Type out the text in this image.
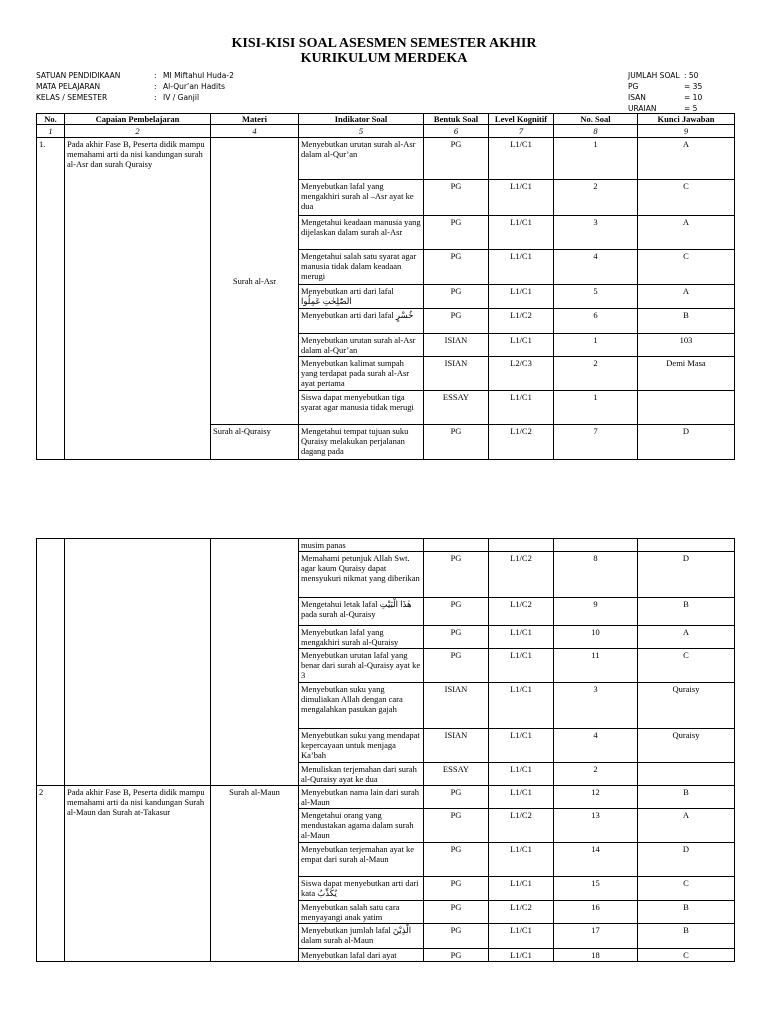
KISI-KISI SOAL ASESMEN SEMESTER AKHIR
KURIKULUM MERDEKA
SATUAN PENDIDIKAAN	: MI Miftahul Huda-2
MATA PELAJARAN	: Al-Qur’an Hadits
KELAS / SEMESTER	: IV / Ganjil
JUMLAH SOAL : 50
PG	= 35
ISAN	= 10
URAIAN	= 5
No.	Capaian Pembelajaran	Materi	Indikator Soal	Bentuk Soal	Level Kognitif	No. Soal	Kunci Jawaban
1	2	4	5	6	7	8	9
1.	Pada akhir Fase B, Peserta didik mampu memahami arti da nisi kandungan surah al-Asr dan surah Quraisy	Surah al-Asr	Menyebutkan urutan surah al-Asr dalam al-Qur’an	PG	L1/C1	1	A
			Menyebutkan lafal yang mengakhiri surah al –Asr ayat ke dua	PG	L1/C1	2	C
			Mengetahui keadaan manusia yang dijelaskan dalam surah al-Asr	PG	L1/C1	3	A
			Mengetahui salah satu syarat agar manusia tidak dalam keadaan merugi	PG	L1/C1	4	C
			Menyebutkan arti dari lafal الصّٰلِحٰتِ عَمِلُوا	PG	L1/C1	5	A
			Menyebutkan arti dari lafal خُسْرٍ	PG	L1/C2	6	B
			Menyebutkan urutan surah al-Asr dalam al-Qur’an	ISIAN	L1/C1	1	103
			Menyebutkan kalimat sumpah yang terdapat pada surah al-Asr ayat pertama	ISIAN	L2/C3	2	Demi Masa
			Siswa dapat menyebutkan tiga syarat agar manusia tidak merugi	ESSAY	L1/C1	1	
		Surah al-Quraisy	Mengetahui tempat tujuan suku Quraisy melakukan perjalanan dagang pada	PG	L1/C2	7	D
			musim panas				
			Memahami petunjuk Allah Swt. agar kaum Quraisy dapat mensyukuri nikmat yang diberikan	PG	L1/C2	8	D
			Mengetahui letak lafal هٰذَا الْبَيْتِ pada surah al-Quraisy	PG	L1/C2	9	B
			Menyebutkan lafal yang mengakhiri surah al-Quraisy	PG	L1/C1	10	A
			Menyebutkan urutan lafal yang benar dari surah al-Quraisy ayat ke 3	PG	L1/C1	11	C
			Menyebutkan suku yang dimuliakan Allah dengan cara mengalahkan pasukan gajah	ISIAN	L1/C1	3	Quraisy
			Menyebutkan suku yang mendapat kepercayaan untuk menjaga Ka’bah	ISIAN	L1/C1	4	Quraisy
			Menuliskan terjemahan dari surah al-Quraisy ayat ke dua	ESSAY	L1/C1	2	
2	Pada akhir Fase B, Peserta didik mampu memahami arti da nisi kandungan Surah al-Maun dan Surah at-Takasur	Surah al-Maun	Menyebutkan nama lain dari surah al-Maun	PG	L1/C1	12	B
			Mengetahui orang yang mendustakan agama dalam surah al-Maun	PG	L1/C2	13	A
			Menyebutkan terjemahan ayat ke empat dari surah al-Maun	PG	L1/C1	14	D
			Siswa dapat menyebutkan arti dari kata يُكَذِّبُ	PG	L1/C1	15	C
			Menyebutkan salah satu cara menyayangi anak yatim	PG	L1/C2	16	B
			Menyebutkan jumlah lafal الَّذِيْنَ dalam surah al-Maun	PG	L1/C1	17	B
			Menyebutkan lafal dari ayat	PG	L1/C1	18	C
